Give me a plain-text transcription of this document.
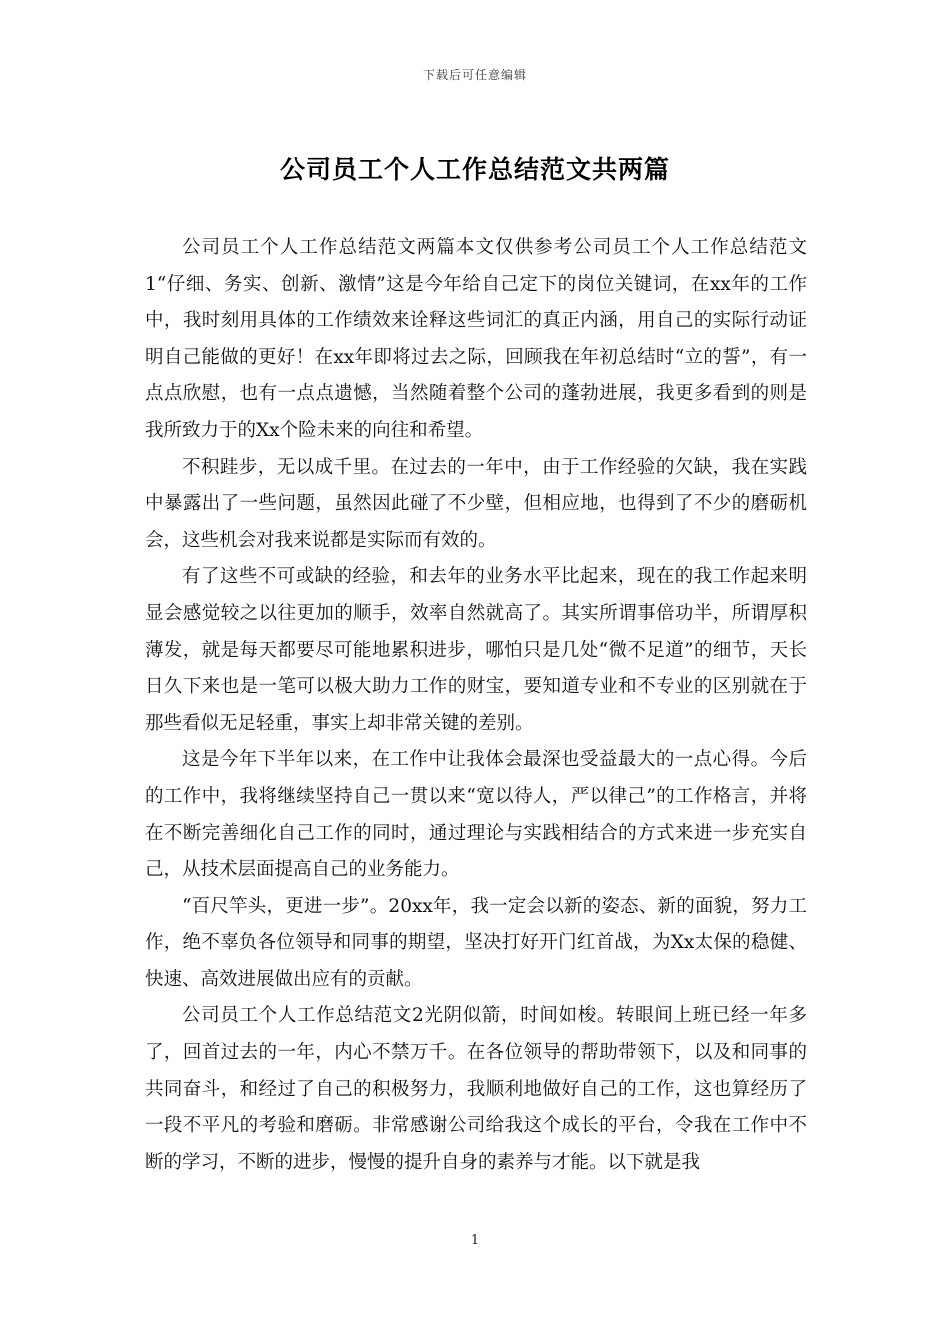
下载后可任意编辑
公司员工个人工作总结范文共两篇

公司员工个人工作总结范文两篇本文仅供参考公司员工个人工作总结范文1“仔细、务实、创新、激情”这是今年给自己定下的岗位关键词，在xx年的工作中，我时刻用具体的工作绩效来诠释这些词汇的真正内涵，用自己的实际行动证明自己能做的更好！在xx年即将过去之际，回顾我在年初总结时“立的誓”，有一点点欣慰，也有一点点遗憾，当然随着整个公司的蓬勃进展，我更多看到的则是我所致力于的Xx个险未来的向往和希望。

不积跬步，无以成千里。在过去的一年中，由于工作经验的欠缺，我在实践中暴露出了一些问题，虽然因此碰了不少壁，但相应地，也得到了不少的磨砺机会，这些机会对我来说都是实际而有效的。

有了这些不可或缺的经验，和去年的业务水平比起来，现在的我工作起来明显会感觉较之以往更加的顺手，效率自然就高了。其实所谓事倍功半，所谓厚积薄发，就是每天都要尽可能地累积进步，哪怕只是几处“微不足道”的细节，天长日久下来也是一笔可以极大助力工作的财宝，要知道专业和不专业的区别就在于那些看似无足轻重，事实上却非常关键的差别。

这是今年下半年以来，在工作中让我体会最深也受益最大的一点心得。今后的工作中，我将继续坚持自己一贯以来“宽以待人，严以律己”的工作格言，并将在不断完善细化自己工作的同时，通过理论与实践相结合的方式来进一步充实自己，从技术层面提高自己的业务能力。

“百尺竿头，更进一步”。20xx年，我一定会以新的姿态、新的面貌，努力工作，绝不辜负各位领导和同事的期望，坚决打好开门红首战，为Xx太保的稳健、快速、高效进展做出应有的贡献。

公司员工个人工作总结范文2光阴似箭，时间如梭。转眼间上班已经一年多了，回首过去的一年，内心不禁万千。在各位领导的帮助带领下，以及和同事的共同奋斗，和经过了自己的积极努力，我顺利地做好自己的工作，这也算经历了一段不平凡的考验和磨砺。非常感谢公司给我这个成长的平台，令我在工作中不断的学习，不断的进步，慢慢的提升自身的素养与才能。以下就是我

1
